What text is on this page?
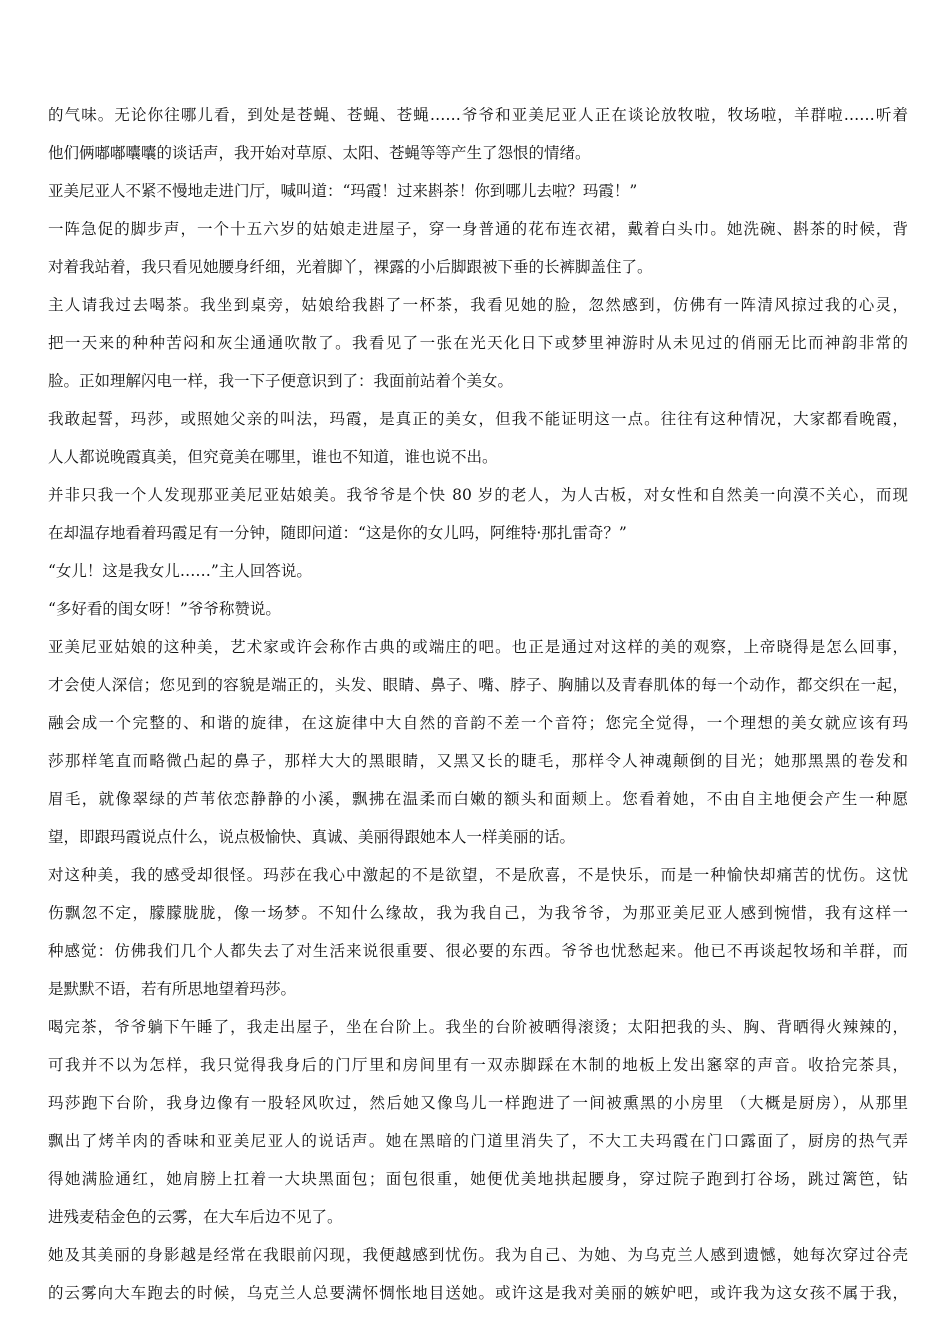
的气味。无论你往哪儿看，到处是苍蝇、苍蝇、苍蝇……爷爷和亚美尼亚人正在谈论放牧啦，牧场啦，羊群啦……听着
他们俩嘟嘟囔囔的谈话声，我开始对草原、太阳、苍蝇等等产生了怨恨的情绪。
亚美尼亚人不紧不慢地走进门厅，喊叫道：“玛霞！过来斟茶！你到哪儿去啦？玛霞！”
一阵急促的脚步声，一个十五六岁的姑娘走进屋子，穿一身普通的花布连衣裙，戴着白头巾。她洗碗、斟茶的时候，背
对着我站着，我只看见她腰身纤细，光着脚丫，裸露的小后脚跟被下垂的长裤脚盖住了。
主人请我过去喝茶。我坐到桌旁，姑娘给我斟了一杯茶，我看见她的脸，忽然感到，仿佛有一阵清风掠过我的心灵，
把一天来的种种苦闷和灰尘通通吹散了。我看见了一张在光天化日下或梦里神游时从未见过的俏丽无比而神韵非常的
脸。正如理解闪电一样，我一下子便意识到了：我面前站着个美女。
我敢起誓，玛莎，或照她父亲的叫法，玛霞，是真正的美女，但我不能证明这一点。往往有这种情况，大家都看晚霞，
人人都说晚霞真美，但究竟美在哪里，谁也不知道，谁也说不出。
并非只我一个人发现那亚美尼亚姑娘美。我爷爷是个快 80 岁的老人，为人古板，对女性和自然美一向漠不关心，而现
在却温存地看着玛霞足有一分钟，随即问道：“这是你的女儿吗，阿维特·那扎雷奇？”
“女儿！这是我女儿……”主人回答说。
“多好看的闺女呀！”爷爷称赞说。
亚美尼亚姑娘的这种美，艺术家或许会称作古典的或端庄的吧。也正是通过对这样的美的观察，上帝晓得是怎么回事，
才会使人深信；您见到的容貌是端正的，头发、眼睛、鼻子、嘴、脖子、胸脯以及青春肌体的每一个动作，都交织在一起，
融会成一个完整的、和谐的旋律，在这旋律中大自然的音韵不差一个音符；您完全觉得，一个理想的美女就应该有玛
莎那样笔直而略微凸起的鼻子，那样大大的黑眼睛，又黑又长的睫毛，那样令人神魂颠倒的目光；她那黑黑的卷发和
眉毛，就像翠绿的芦苇依恋静静的小溪，飘拂在温柔而白嫩的额头和面颊上。您看着她，不由自主地便会产生一种愿
望，即跟玛霞说点什么，说点极愉快、真诚、美丽得跟她本人一样美丽的话。
对这种美，我的感受却很怪。玛莎在我心中激起的不是欲望，不是欣喜，不是快乐，而是一种愉快却痛苦的忧伤。这忧
伤飘忽不定，朦朦胧胧，像一场梦。不知什么缘故，我为我自己，为我爷爷，为那亚美尼亚人感到惋惜，我有这样一
种感觉：仿佛我们几个人都失去了对生活来说很重要、很必要的东西。爷爷也忧愁起来。他已不再谈起牧场和羊群，而
是默默不语，若有所思地望着玛莎。
喝完茶，爷爷躺下午睡了，我走出屋子，坐在台阶上。我坐的台阶被晒得滚烫；太阳把我的头、胸、背晒得火辣辣的，
可我并不以为怎样，我只觉得我身后的门厅里和房间里有一双赤脚踩在木制的地板上发出窸窣的声音。收拾完茶具，
玛莎跑下台阶，我身边像有一股轻风吹过，然后她又像鸟儿一样跑进了一间被熏黑的小房里 （大概是厨房），从那里
飘出了烤羊肉的香味和亚美尼亚人的说话声。她在黑暗的门道里消失了，不大工夫玛霞在门口露面了，厨房的热气弄
得她满脸通红，她肩膀上扛着一大块黑面包；面包很重，她便优美地拱起腰身，穿过院子跑到打谷场，跳过篱笆，钻
进残麦秸金色的云雾，在大车后边不见了。
她及其美丽的身影越是经常在我眼前闪现，我便越感到忧伤。我为自己、为她、为乌克兰人感到遗憾，她每次穿过谷壳
的云雾向大车跑去的时候，乌克兰人总要满怀惆怅地目送她。或许这是我对美丽的嫉妒吧，或许我为这女孩不属于我，
